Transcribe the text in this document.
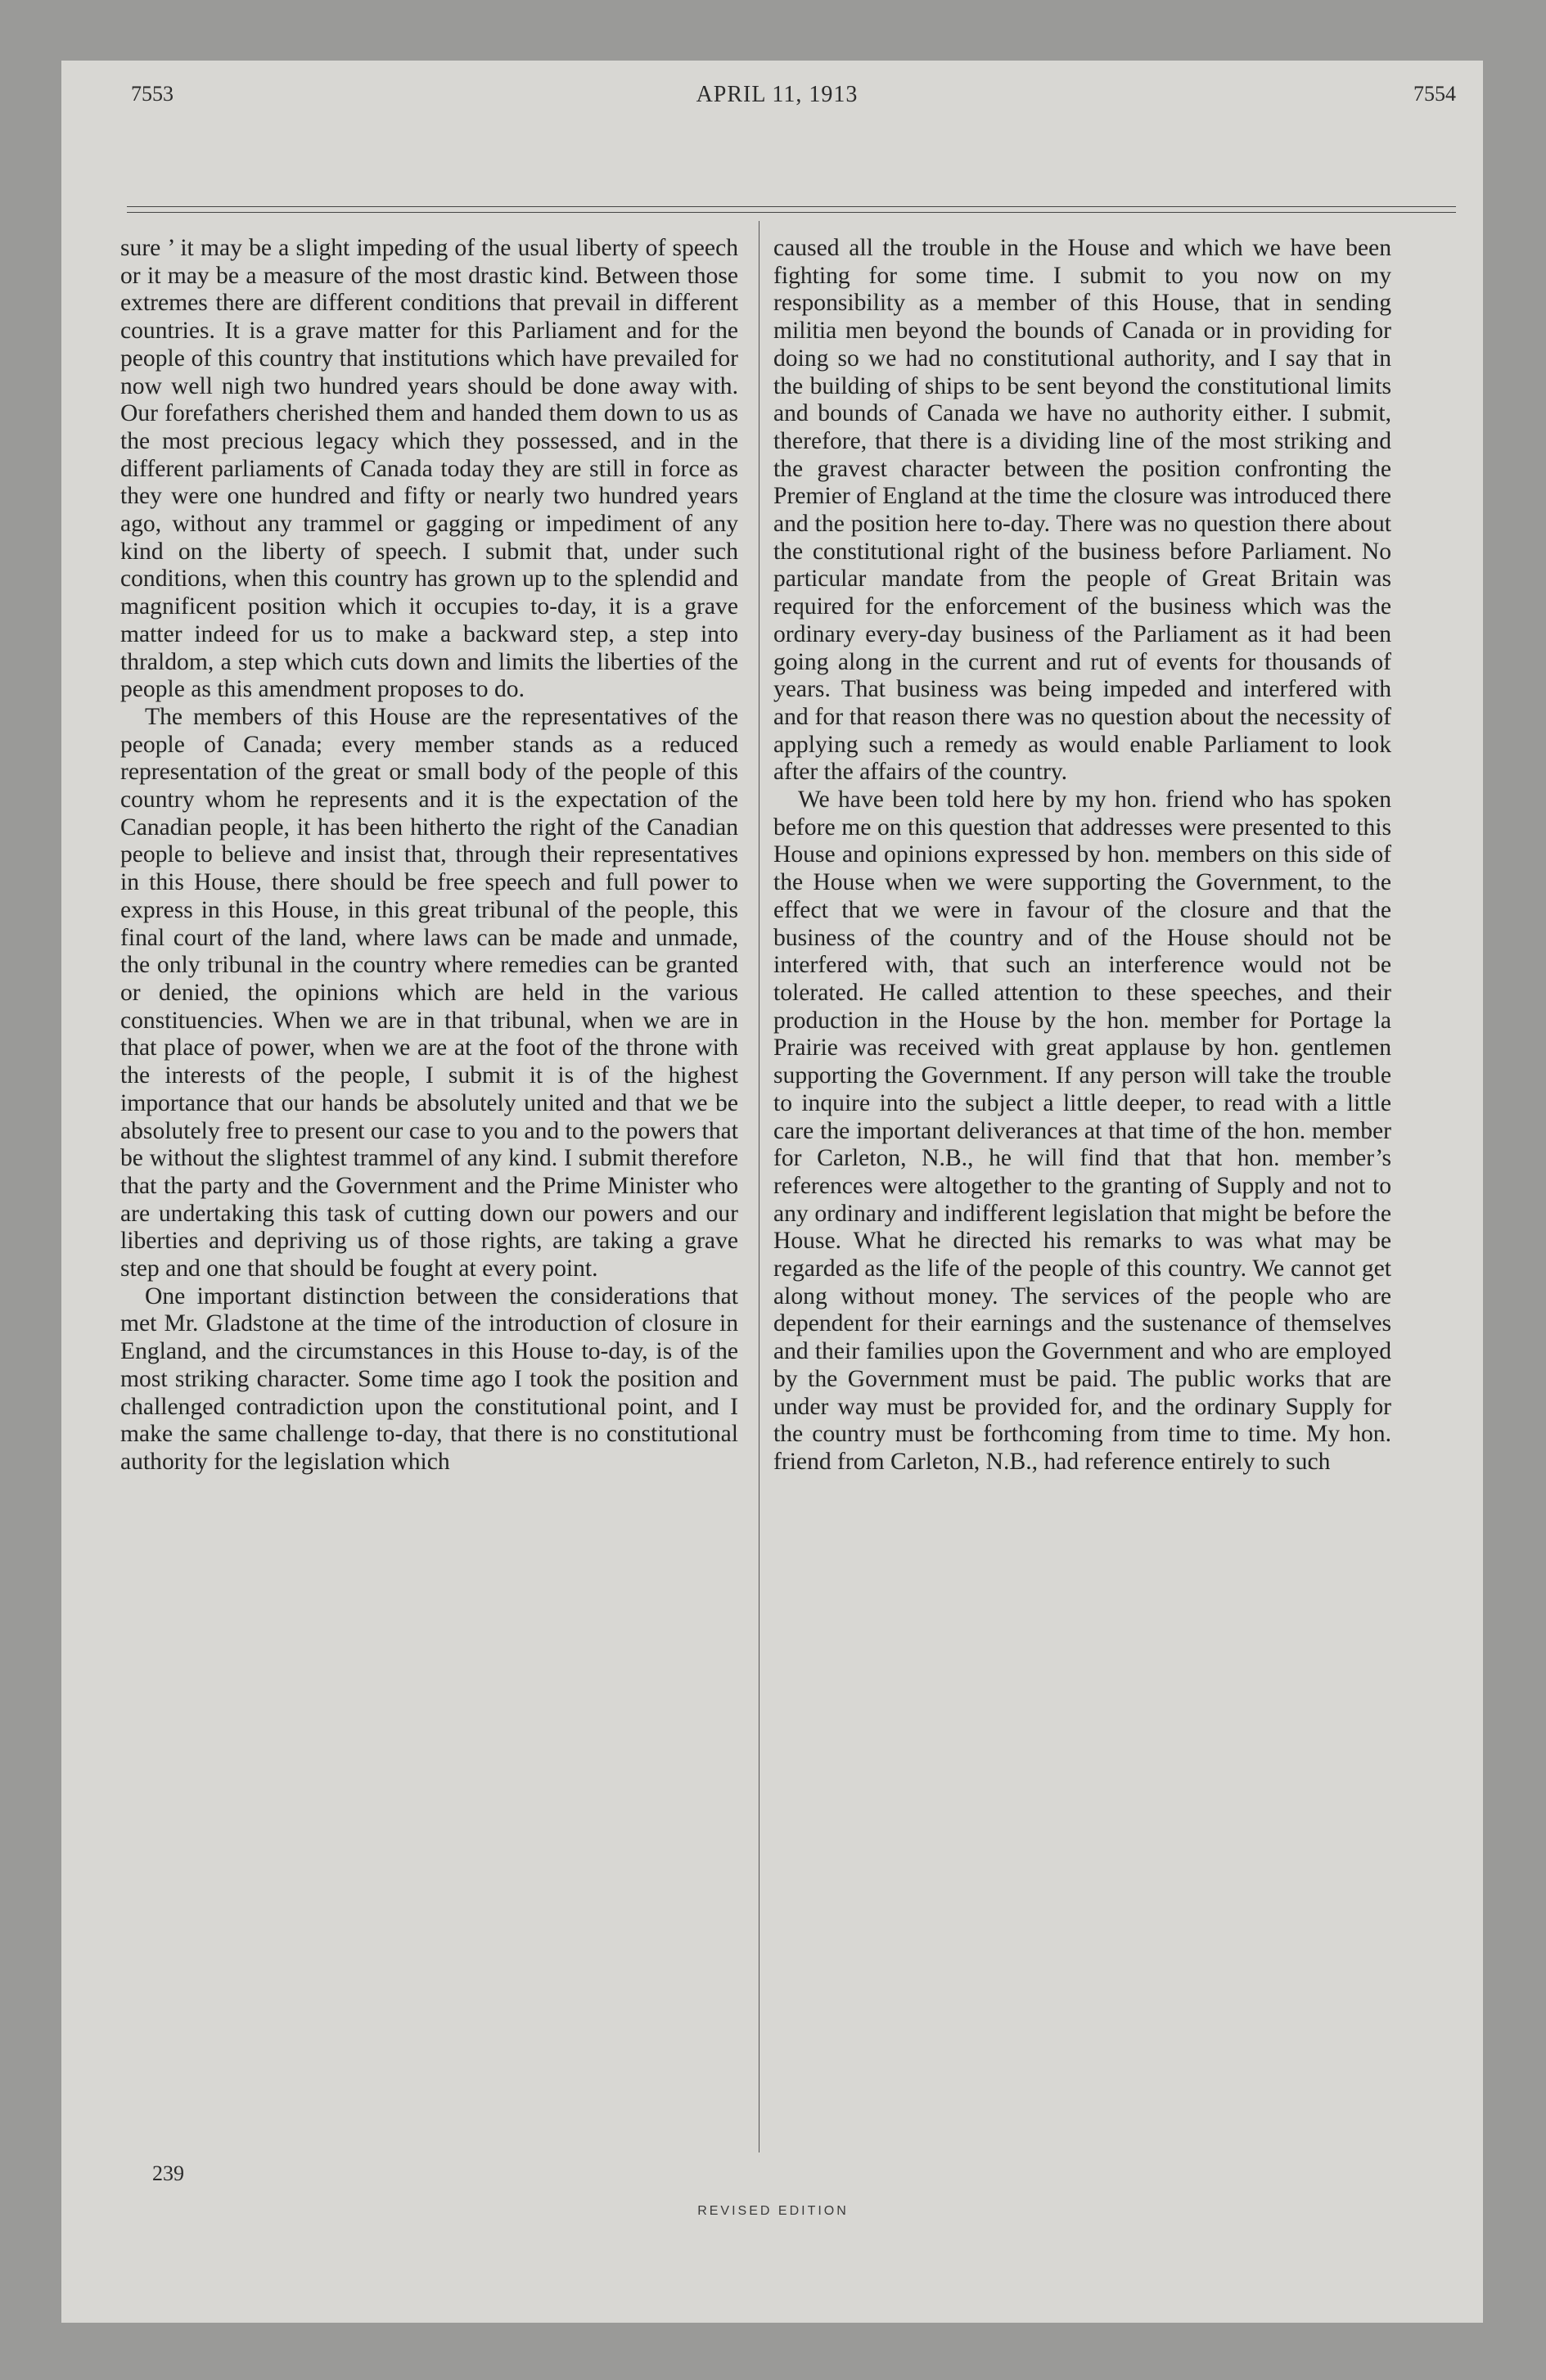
7553	APRIL 11, 1913	7554

sure ’ it may be a slight impeding of the usual liberty of speech or it may be a measure of the most drastic kind. Between those extremes there are different conditions that prevail in different countries. It is a grave matter for this Parliament and for the people of this country that institutions which have prevailed for now well nigh two hundred years should be done away with. Our forefathers cherished them and handed them down to us as the most precious legacy which they possessed, and in the different parliaments of Canada today they are still in force as they were one hundred and fifty or nearly two hundred years ago, without any trammel or gagging or impediment of any kind on the liberty of speech. I submit that, under such conditions, when this country has grown up to the splendid and magnificent position which it occupies to-day, it is a grave matter indeed for us to make a backward step, a step into thraldom, a step which cuts down and limits the liberties of the people as this amendment proposes to do.

The members of this House are the representatives of the people of Canada; every member stands as a reduced representation of the great or small body of the people of this country whom he represents and it is the expectation of the Canadian people, it has been hitherto the right of the Canadian people to believe and insist that, through their representatives in this House, there should be free speech and full power to express in this House, in this great tribunal of the people, this final court of the land, where laws can be made and unmade, the only tribunal in the country where remedies can be granted or denied, the opinions which are held in the various constituencies. When we are in that tribunal, when we are in that place of power, when we are at the foot of the throne with the interests of the people, I submit it is of the highest importance that our hands be absolutely united and that we be absolutely free to present our case to you and to the powers that be without the slightest trammel of any kind. I submit therefore that the party and the Government and the Prime Minister who are undertaking this task of cutting down our powers and our liberties and depriving us of those rights, are taking a grave step and one that should be fought at every point.

One important distinction between the considerations that met Mr. Gladstone at the time of the introduction of closure in England, and the circumstances in this House to-day, is of the most striking character. Some time ago I took the position and challenged contradiction upon the constitutional point, and I make the same challenge to-day, that there is no constitutional authority for the legislation which

caused all the trouble in the House and which we have been fighting for some time. I submit to you now on my responsibility as a member of this House, that in sending militia men beyond the bounds of Canada or in providing for doing so we had no constitutional authority, and I say that in the building of ships to be sent beyond the constitutional limits and bounds of Canada we have no authority either. I submit, therefore, that there is a dividing line of the most striking and the gravest character between the position confronting the Premier of England at the time the closure was introduced there and the position here to-day. There was no question there about the constitutional right of the business before Parliament. No particular mandate from the people of Great Britain was required for the enforcement of the business which was the ordinary every-day business of the Parliament as it had been going along in the current and rut of events for thousands of years. That business was being impeded and interfered with and for that reason there was no question about the necessity of applying such a remedy as would enable Parliament to look after the affairs of the country.

We have been told here by my hon. friend who has spoken before me on this question that addresses were presented to this House and opinions expressed by hon. members on this side of the House when we were supporting the Government, to the effect that we were in favour of the closure and that the business of the country and of the House should not be interfered with, that such an interference would not be tolerated. He called attention to these speeches, and their production in the House by the hon. member for Portage la Prairie was received with great applause by hon. gentlemen supporting the Government. If any person will take the trouble to inquire into the subject a little deeper, to read with a little care the important deliverances at that time of the hon. member for Carleton, N.B., he will find that that hon. member’s references were altogether to the granting of Supply and not to any ordinary and indifferent legislation that might be before the House. What he directed his remarks to was what may be regarded as the life of the people of this country. We cannot get along without money. The services of the people who are dependent for their earnings and the sustenance of themselves and their families upon the Government and who are employed by the Government must be paid. The public works that are under way must be provided for, and the ordinary Supply for the country must be forthcoming from time to time. My hon. friend from Carleton, N.B., had reference entirely to such

239
REVISED EDITION
